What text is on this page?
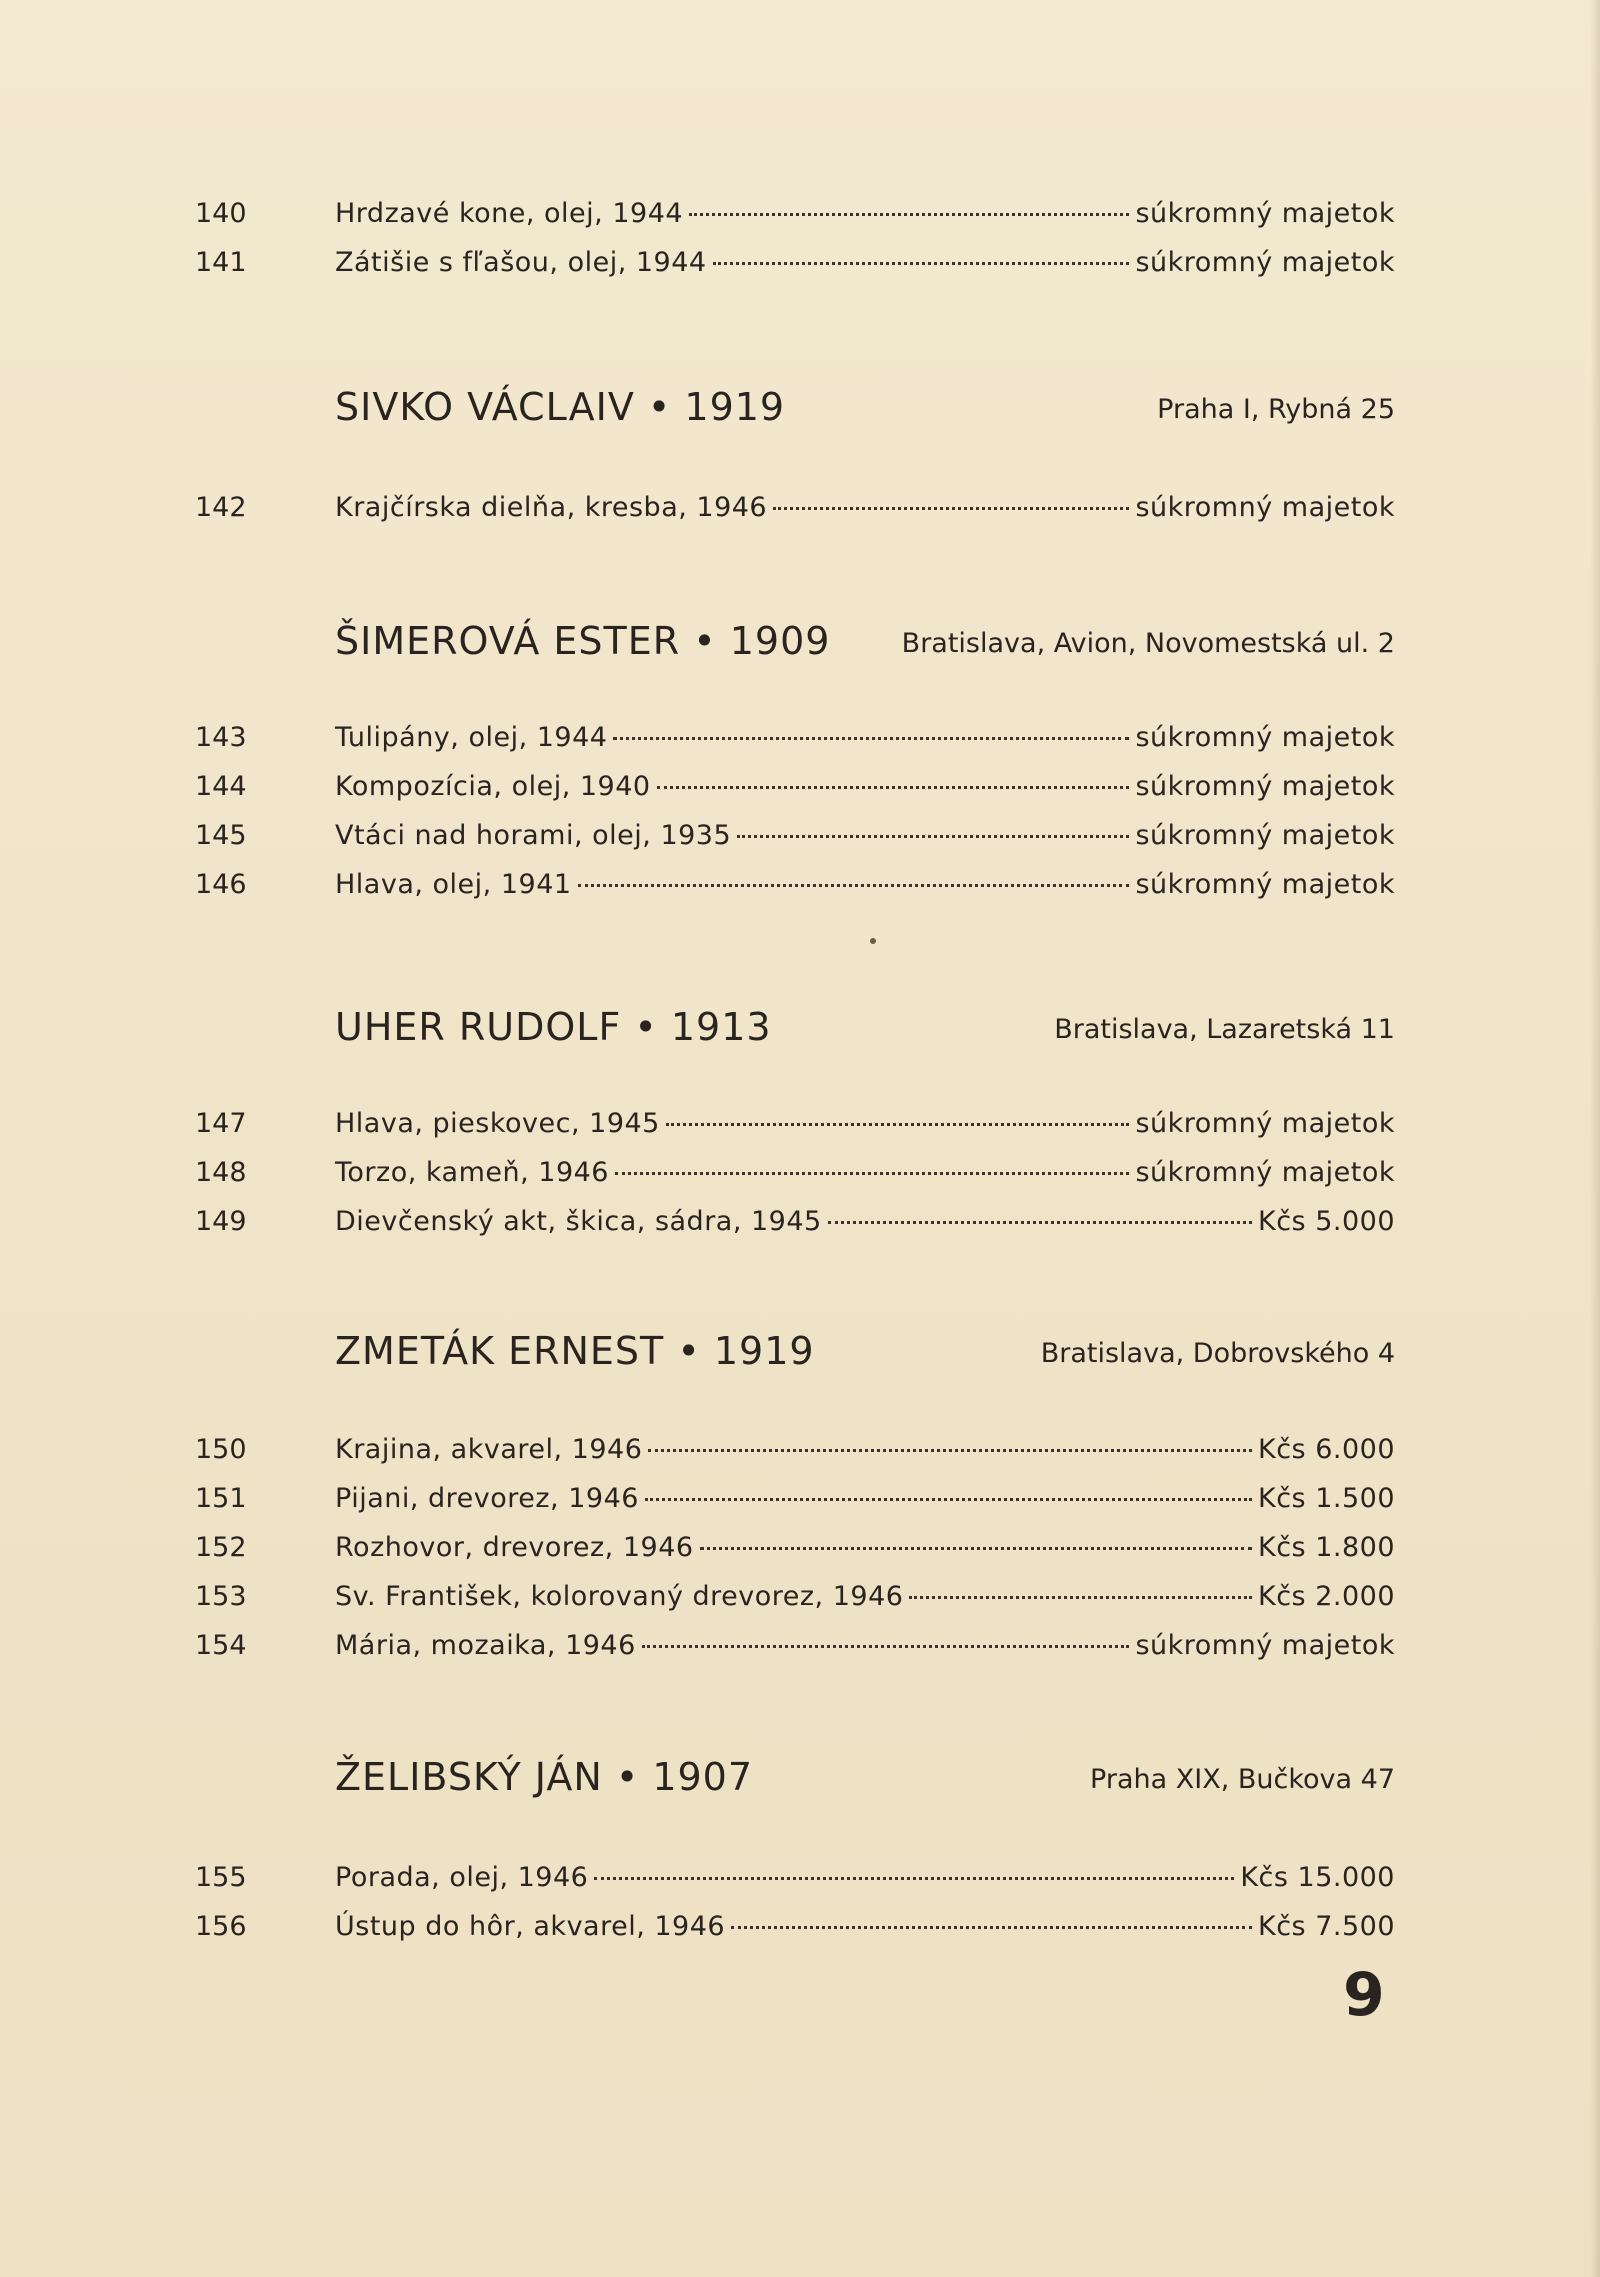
140	Hrdzavé kone, olej, 1944	súkromný majetok
141	Zátišie s fľašou, olej, 1944	súkromný majetok
SIVKO VÁCLAIV • 1919	Praha I, Rybná 25
142	Krajčírska dielňa, kresba, 1946	súkromný majetok
ŠIMEROVÁ ESTER • 1909	Bratislava, Avion, Novomestská ul. 2
143	Tulipány, olej, 1944	súkromný majetok
144	Kompozícia, olej, 1940	súkromný majetok
145	Vtáci nad horami, olej, 1935	súkromný majetok
146	Hlava, olej, 1941	súkromný majetok
UHER RUDOLF • 1913	Bratislava, Lazaretská 11
147	Hlava, pieskovec, 1945	súkromný majetok
148	Torzo, kameň, 1946	súkromný majetok
149	Dievčenský akt, škica, sádra, 1945	Kčs 5.000
ZMETÁK ERNEST • 1919	Bratislava, Dobrovského 4
150	Krajina, akvarel, 1946	Kčs 6.000
151	Pijani, drevorez, 1946	Kčs 1.500
152	Rozhovor, drevorez, 1946	Kčs 1.800
153	Sv. František, kolorovaný drevorez, 1946	Kčs 2.000
154	Mária, mozaika, 1946	súkromný majetok
ŽELIBSKÝ JÁN • 1907	Praha XIX, Bučkova 47
155	Porada, olej, 1946	Kčs 15.000
156	Ústup do hôr, akvarel, 1946	Kčs 7.500
9
